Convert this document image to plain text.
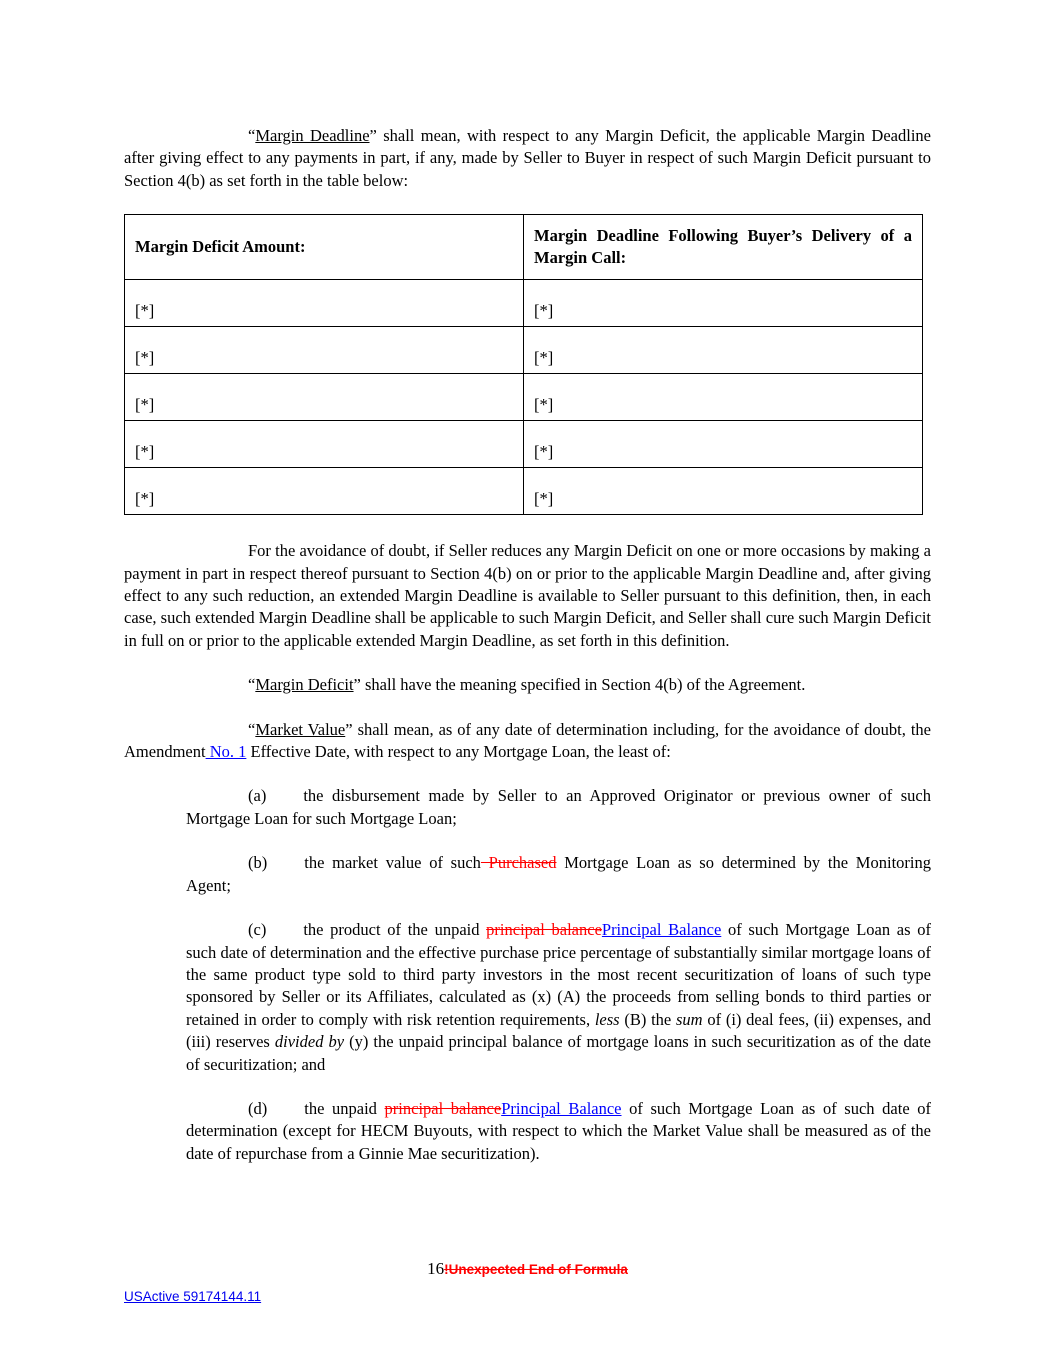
“Margin Deadline” shall mean, with respect to any Margin Deficit, the applicable Margin Deadline after giving effect to any payments in part, if any, made by Seller to Buyer in respect of such Margin Deficit pursuant to Section 4(b) as set forth in the table below:

Margin Deficit Amount:	Margin Deadline Following Buyer’s Delivery of a Margin Call:
[*]	[*]
[*]	[*]
[*]	[*]
[*]	[*]
[*]	[*]

For the avoidance of doubt, if Seller reduces any Margin Deficit on one or more occasions by making a payment in part in respect thereof pursuant to Section 4(b) on or prior to the applicable Margin Deadline and, after giving effect to any such reduction, an extended Margin Deadline is available to Seller pursuant to this definition, then, in each case, such extended Margin Deadline shall be applicable to such Margin Deficit, and Seller shall cure such Margin Deficit in full on or prior to the applicable extended Margin Deadline, as set forth in this definition.

“Margin Deficit” shall have the meaning specified in Section 4(b) of the Agreement.

“Market Value” shall mean, as of any date of determination including, for the avoidance of doubt, the Amendment No. 1 Effective Date, with respect to any Mortgage Loan, the least of:

(a) the disbursement made by Seller to an Approved Originator or previous owner of such Mortgage Loan for such Mortgage Loan;

(b) the market value of such Purchased Mortgage Loan as so determined by the Monitoring Agent;

(c) the product of the unpaid principal balancePrincipal Balance of such Mortgage Loan as of such date of determination and the effective purchase price percentage of substantially similar mortgage loans of the same product type sold to third party investors in the most recent securitization of loans of such type sponsored by Seller or its Affiliates, calculated as (x) (A) the proceeds from selling bonds to third parties or retained in order to comply with risk retention requirements, less (B) the sum of (i) deal fees, (ii) expenses, and (iii) reserves divided by (y) the unpaid principal balance of mortgage loans in such securitization as of the date of securitization; and

(d) the unpaid principal balancePrincipal Balance of such Mortgage Loan as of such date of determination (except for HECM Buyouts, with respect to which the Market Value shall be measured as of the date of repurchase from a Ginnie Mae securitization).

16!Unexpected End of Formula
USActive 59174144.11
